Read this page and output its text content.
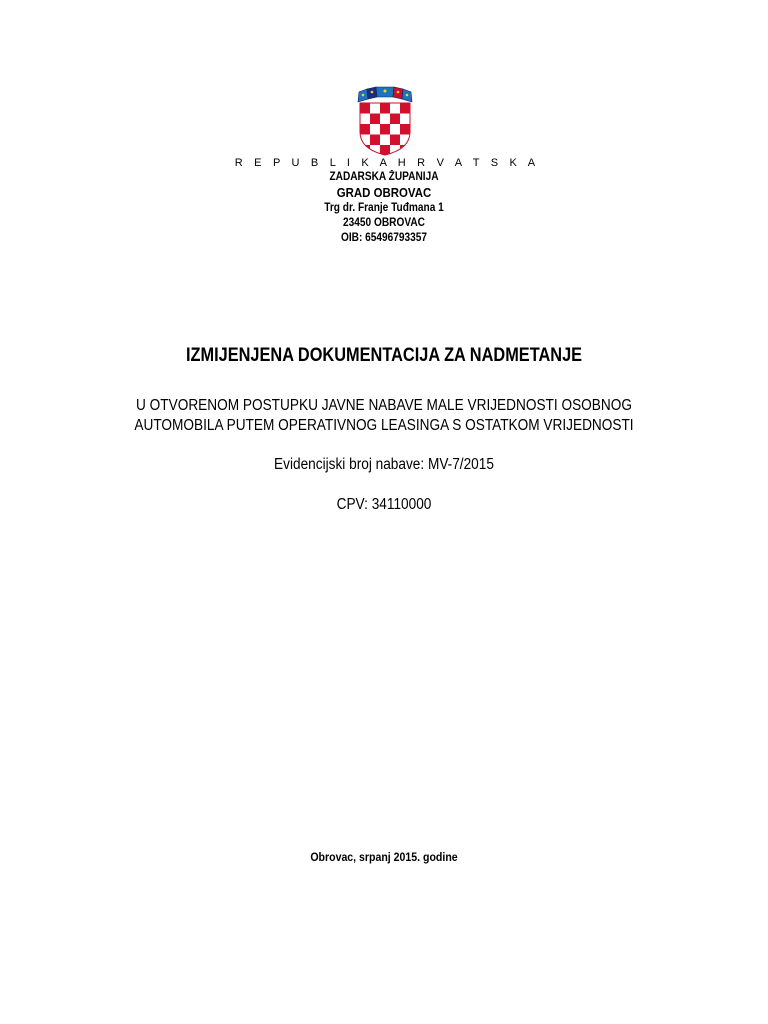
R E P U B L I K A H R V A T S K A
ZADARSKA ŽUPANIJA
GRAD OBROVAC
Trg dr. Franje Tuđmana 1
23450 OBROVAC
OIB: 65496793357
IZMIJENJENA DOKUMENTACIJA ZA NADMETANJE
U OTVORENOM POSTUPKU JAVNE NABAVE MALE VRIJEDNOSTI OSOBNOG
AUTOMOBILA PUTEM OPERATIVNOG LEASINGA S OSTATKOM VRIJEDNOSTI
Evidencijski broj nabave: MV-7/2015
CPV: 34110000
Obrovac, srpanj 2015. godine
